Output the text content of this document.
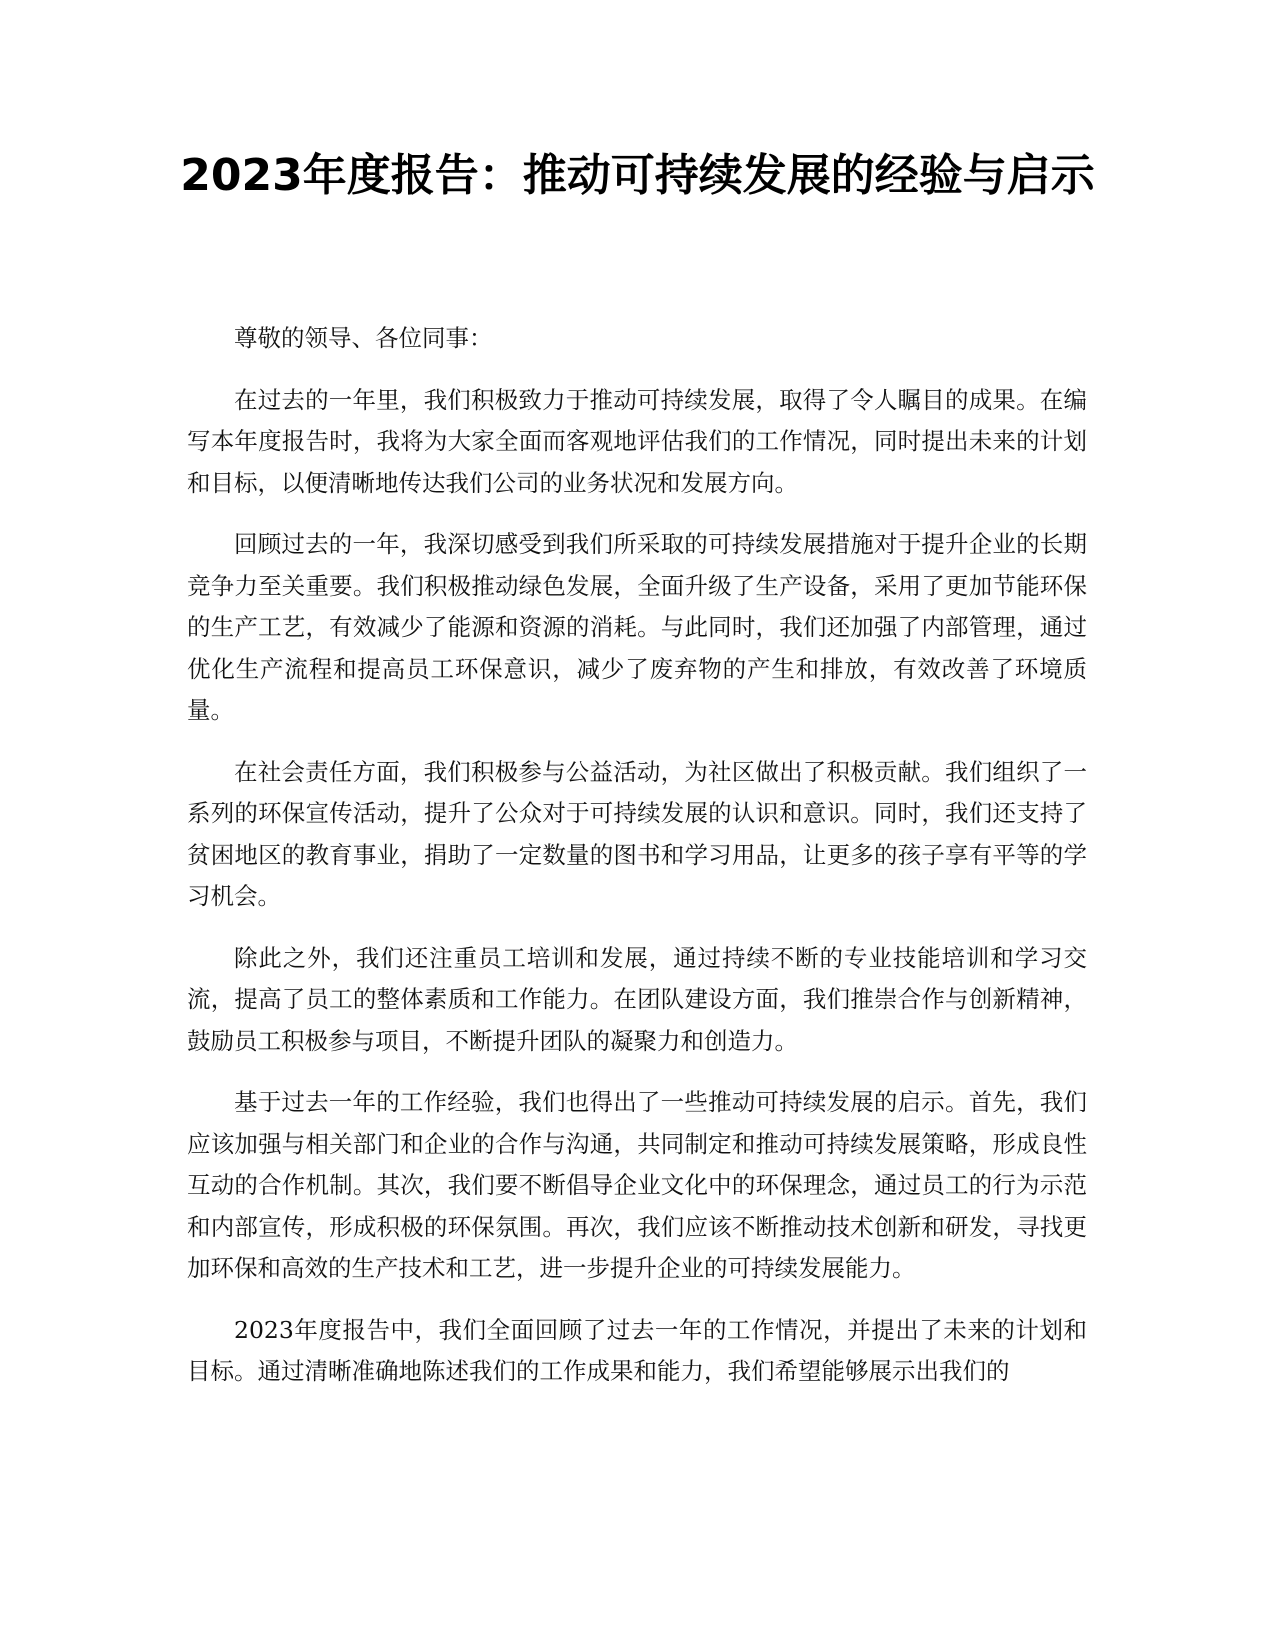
2023年度报告：推动可持续发展的经验与启示

尊敬的领导、各位同事：

在过去的一年里，我们积极致力于推动可持续发展，取得了令人瞩目的成果。在编写本年度报告时，我将为大家全面而客观地评估我们的工作情况，同时提出未来的计划和目标，以便清晰地传达我们公司的业务状况和发展方向。

回顾过去的一年，我深切感受到我们所采取的可持续发展措施对于提升企业的长期竞争力至关重要。我们积极推动绿色发展，全面升级了生产设备，采用了更加节能环保的生产工艺，有效减少了能源和资源的消耗。与此同时，我们还加强了内部管理，通过优化生产流程和提高员工环保意识，减少了废弃物的产生和排放，有效改善了环境质量。

在社会责任方面，我们积极参与公益活动，为社区做出了积极贡献。我们组织了一系列的环保宣传活动，提升了公众对于可持续发展的认识和意识。同时，我们还支持了贫困地区的教育事业，捐助了一定数量的图书和学习用品，让更多的孩子享有平等的学习机会。

除此之外，我们还注重员工培训和发展，通过持续不断的专业技能培训和学习交流，提高了员工的整体素质和工作能力。在团队建设方面，我们推崇合作与创新精神，鼓励员工积极参与项目，不断提升团队的凝聚力和创造力。

基于过去一年的工作经验，我们也得出了一些推动可持续发展的启示。首先，我们应该加强与相关部门和企业的合作与沟通，共同制定和推动可持续发展策略，形成良性互动的合作机制。其次，我们要不断倡导企业文化中的环保理念，通过员工的行为示范和内部宣传，形成积极的环保氛围。再次，我们应该不断推动技术创新和研发，寻找更加环保和高效的生产技术和工艺，进一步提升企业的可持续发展能力。

2023年度报告中，我们全面回顾了过去一年的工作情况，并提出了未来的计划和目标。通过清晰准确地陈述我们的工作成果和能力，我们希望能够展示出我们的
